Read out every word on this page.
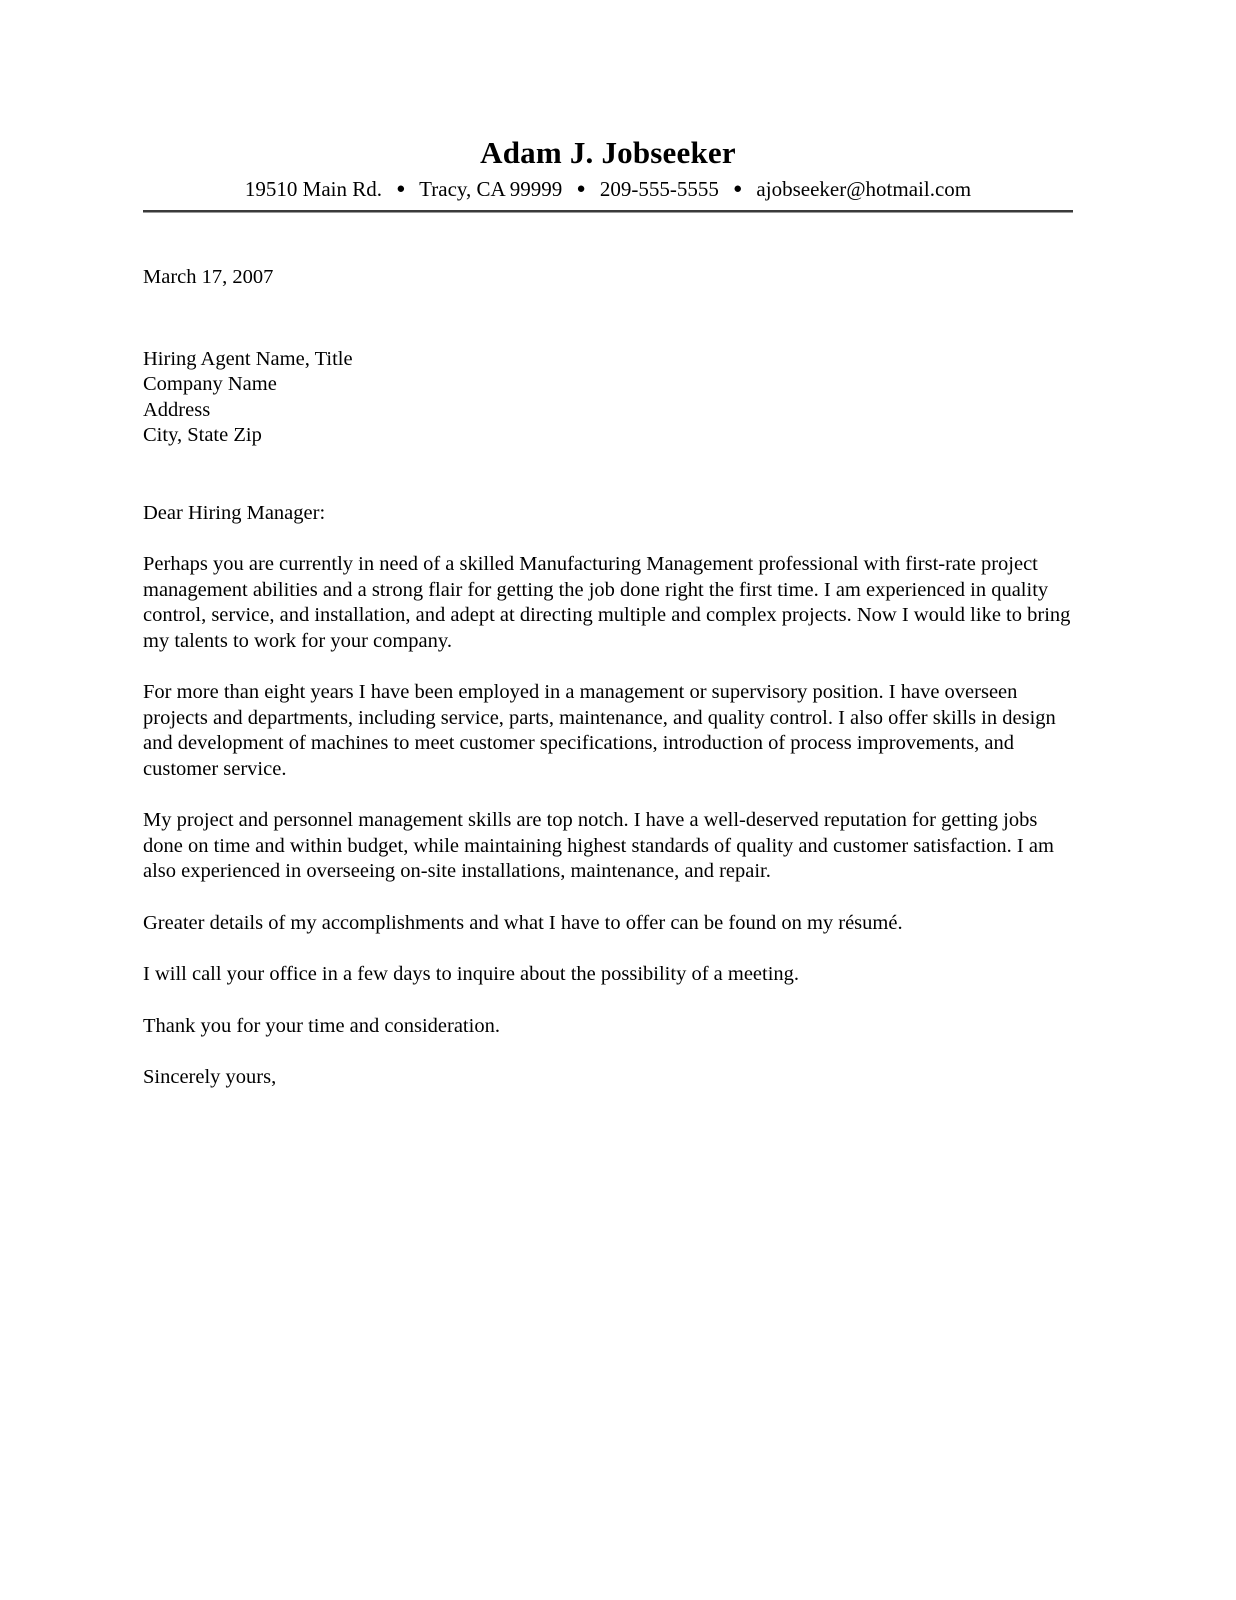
Adam J. Jobseeker
19510 Main Rd. ● Tracy, CA 99999 ● 209-555-5555 ● ajobseeker@hotmail.com
March 17, 2007
Hiring Agent Name, Title
Company Name
Address
City, State Zip
Dear Hiring Manager:
Perhaps you are currently in need of a skilled Manufacturing Management professional with first-rate project management abilities and a strong flair for getting the job done right the first time. I am experienced in quality control, service, and installation, and adept at directing multiple and complex projects. Now I would like to bring my talents to work for your company.
For more than eight years I have been employed in a management or supervisory position. I have overseen projects and departments, including service, parts, maintenance, and quality control. I also offer skills in design and development of machines to meet customer specifications, introduction of process improvements, and customer service.
My project and personnel management skills are top notch. I have a well-deserved reputation for getting jobs done on time and within budget, while maintaining highest standards of quality and customer satisfaction. I am also experienced in overseeing on-site installations, maintenance, and repair.
Greater details of my accomplishments and what I have to offer can be found on my résumé.
I will call your office in a few days to inquire about the possibility of a meeting.
Thank you for your time and consideration.
Sincerely yours,
